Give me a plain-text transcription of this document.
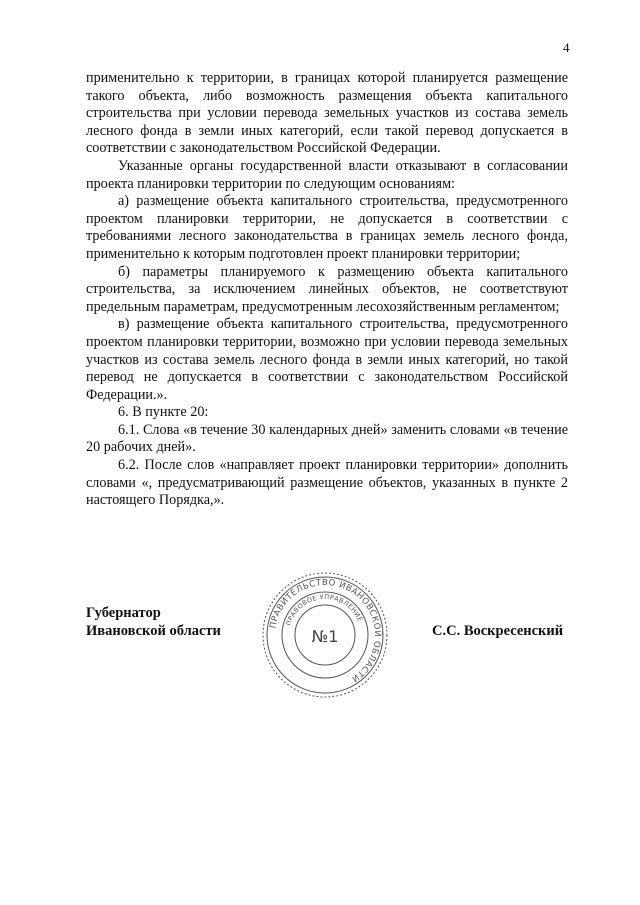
4

применительно к территории, в границах которой планируется размещение такого объекта, либо возможность размещения объекта капитального строительства при условии перевода земельных участков из состава земель лесного фонда в земли иных категорий, если такой перевод допускается в соответствии с законодательством Российской Федерации.

Указанные органы государственной власти отказывают в согласовании проекта планировки территории по следующим основаниям:

а) размещение объекта капитального строительства, предусмотренного проектом планировки территории, не допускается в соответствии с требованиями лесного законодательства в границах земель лесного фонда, применительно к которым подготовлен проект планировки территории;

б) параметры планируемого к размещению объекта капитального строительства, за исключением линейных объектов, не соответствуют предельным параметрам, предусмотренным лесохозяйственным регламентом;

в) размещение объекта капитального строительства, предусмотренного проектом планировки территории, возможно при условии перевода земельных участков из состава земель лесного фонда в земли иных категорий, но такой перевод не допускается в соответствии с законодательством Российской Федерации.».

6. В пункте 20:

6.1. Слова «в течение 30 календарных дней» заменить словами «в течение 20 рабочих дней».

6.2. После слов «направляет проект планировки территории» дополнить словами «, предусматривающий размещение объектов, указанных в пункте 2 настоящего Порядка,».

Губернатор
Ивановской области	ПРАВИТЕЛЬСТВО ИВАНОВСКОЙ ОБЛАСТИ
ПРАВОВОЕ УПРАВЛЕНИЕ
№1	С.С. Воскресенский
